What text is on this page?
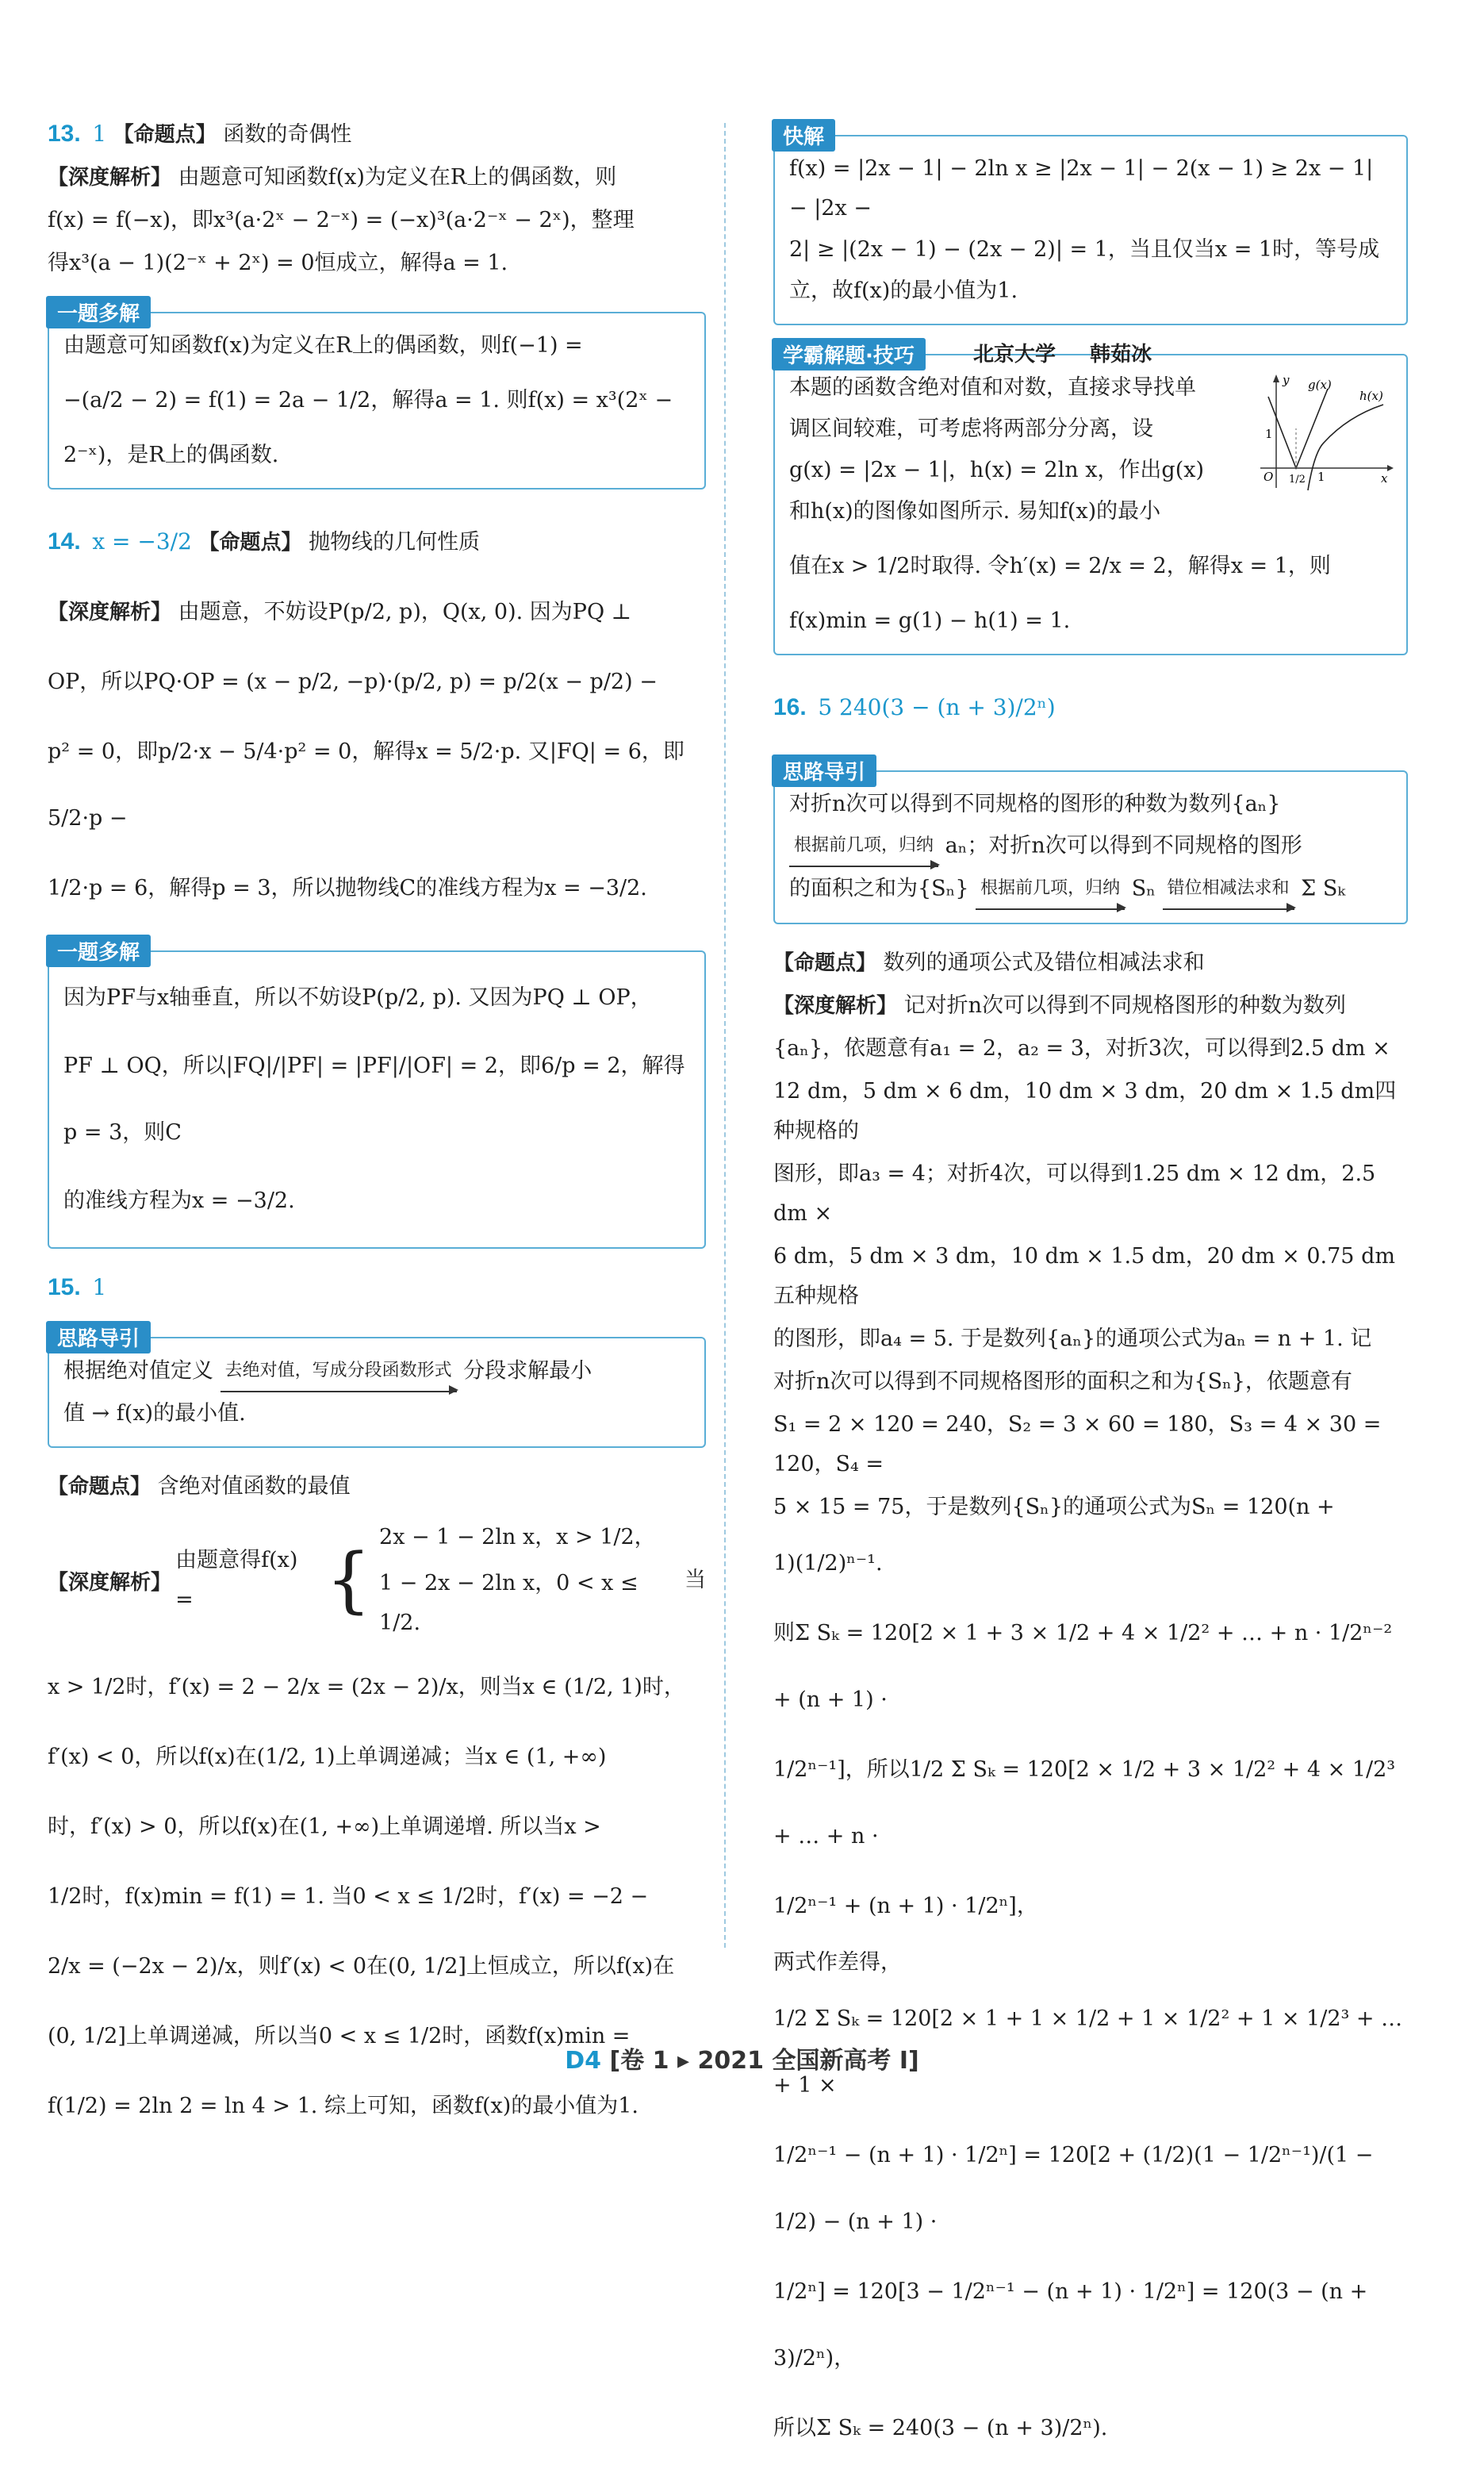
13. 1 【命题点】 函数的奇偶性
【深度解析】 由题意可知函数f(x)为定义在R上的偶函数，则
f(x) = f(−x)，即x³(a·2ˣ − 2⁻ˣ) = (−x)³(a·2⁻ˣ − 2ˣ)，整理
得x³(a − 1)(2⁻ˣ + 2ˣ) = 0恒成立，解得a = 1.
一题多解
由题意可知函数f(x)为定义在R上的偶函数，则f(−1) =
−(a/2 − 2) = f(1) = 2a − 1/2，解得a = 1. 则f(x) = x³(2ˣ −
2⁻ˣ)，是R上的偶函数.
14. x = −3/2 【命题点】 抛物线的几何性质
【深度解析】 由题意，不妨设P(p/2, p)，Q(x, 0). 因为PQ ⊥
OP，所以PQ·OP = (x − p/2, −p)·(p/2, p) = p/2(x − p/2) −
p² = 0，即p/2·x − 5/4·p² = 0，解得x = 5/2·p. 又|FQ| = 6，即5/2·p −
1/2·p = 6，解得p = 3，所以抛物线C的准线方程为x = −3/2.
一题多解
因为PF与x轴垂直，所以不妨设P(p/2, p). 又因为PQ ⊥ OP，
PF ⊥ OQ，所以|FQ|/|PF| = |PF|/|OF| = 2，即6/p = 2，解得p = 3，则C
的准线方程为x = −3/2.
15. 1
思路导引
根据绝对值定义 去绝对值，写成分段函数形式 分段求解最小
值 → f(x)的最小值.
【命题点】 含绝对值函数的最值
【深度解析】
由题意得f(x) =	{
2x − 1 − 2ln x，x > 1/2，
1 − 2x − 2ln x，0 < x ≤ 1/2.
当
x > 1/2时，f′(x) = 2 − 2/x = (2x − 2)/x，则当x ∈ (1/2, 1)时，
f′(x) < 0，所以f(x)在(1/2, 1)上单调递减；当x ∈ (1, +∞)
时，f′(x) > 0，所以f(x)在(1, +∞)上单调递增. 所以当x >
1/2时，f(x)min = f(1) = 1. 当0 < x ≤ 1/2时，f′(x) = −2 −
2/x = (−2x − 2)/x，则f′(x) < 0在(0, 1/2]上恒成立，所以f(x)在
(0, 1/2]上单调递减，所以当0 < x ≤ 1/2时，函数f(x)min =
f(1/2) = 2ln 2 = ln 4 > 1. 综上可知，函数f(x)的最小值为1.
快解
f(x) = |2x − 1| − 2ln x ≥ |2x − 1| − 2(x − 1) ≥ 2x − 1| − |2x −
2| ≥ |(2x − 1) − (2x − 2)| = 1，当且仅当x = 1时，等号成
立，故f(x)的最小值为1.
学霸解题·技巧	北京大学 韩茹冰
y g(x)
h(x)
1
O 1/2 1	x
本题的函数含绝对值和对数，直接求导找单
调区间较难，可考虑将两部分分离，设
g(x) = |2x − 1|，h(x) = 2ln x，作出g(x)
和h(x)的图像如图所示. 易知f(x)的最小
值在x > 1/2时取得. 令h′(x) = 2/x = 2，解得x = 1，则
f(x)min = g(1) − h(1) = 1.
16. 5 240(3 − (n + 3)/2ⁿ)
思路导引
对折n次可以得到不同规格的图形的种数为数列{aₙ}
根据前几项，归纳 aₙ；对折n次可以得到不同规格的图形
的面积之和为{Sₙ} 根据前几项，归纳 Sₙ 错位相减法求和 Σ Sₖ
【命题点】 数列的通项公式及错位相减法求和
【深度解析】 记对折n次可以得到不同规格图形的种数为数列
{aₙ}，依题意有a₁ = 2，a₂ = 3，对折3次，可以得到2.5 dm ×
12 dm，5 dm × 6 dm，10 dm × 3 dm，20 dm × 1.5 dm四种规格的
图形，即a₃ = 4；对折4次，可以得到1.25 dm × 12 dm，2.5 dm ×
6 dm，5 dm × 3 dm，10 dm × 1.5 dm，20 dm × 0.75 dm五种规格
的图形，即a₄ = 5. 于是数列{aₙ}的通项公式为aₙ = n + 1. 记
对折n次可以得到不同规格图形的面积之和为{Sₙ}，依题意有
S₁ = 2 × 120 = 240，S₂ = 3 × 60 = 180，S₃ = 4 × 30 = 120，S₄ =
5 × 15 = 75，于是数列{Sₙ}的通项公式为Sₙ = 120(n +
1)(1/2)ⁿ⁻¹.
则Σ Sₖ = 120[2 × 1 + 3 × 1/2 + 4 × 1/2² + … + n · 1/2ⁿ⁻² + (n + 1) ·
1/2ⁿ⁻¹]，所以1/2 Σ Sₖ = 120[2 × 1/2 + 3 × 1/2² + 4 × 1/2³ + … + n ·
1/2ⁿ⁻¹ + (n + 1) · 1/2ⁿ]，
两式作差得，
1/2 Σ Sₖ = 120[2 × 1 + 1 × 1/2 + 1 × 1/2² + 1 × 1/2³ + … + 1 ×
1/2ⁿ⁻¹ − (n + 1) · 1/2ⁿ] = 120[2 + (1/2)(1 − 1/2ⁿ⁻¹)/(1 − 1/2) − (n + 1) ·
1/2ⁿ] = 120[3 − 1/2ⁿ⁻¹ − (n + 1) · 1/2ⁿ] = 120(3 − (n + 3)/2ⁿ)，
所以Σ Sₖ = 240(3 − (n + 3)/2ⁿ).
D4 [卷 1 ▸ 2021 全国新高考 Ⅰ]
